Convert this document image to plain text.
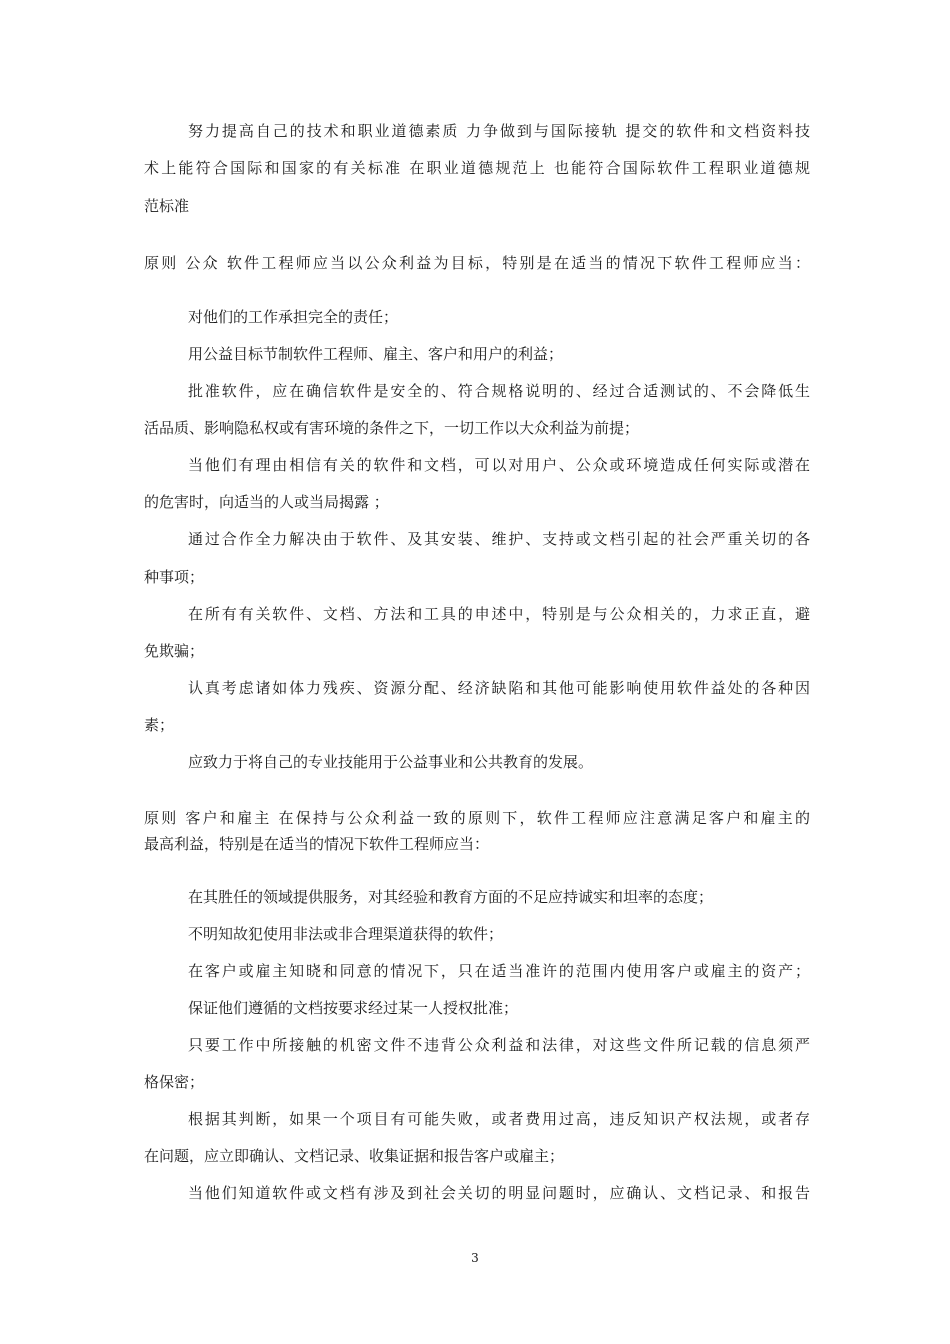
努力提高自己的技术和职业道德素质 力争做到与国际接轨 提交的软件和文档资料技
术上能符合国际和国家的有关标准 在职业道德规范上 也能符合国际软件工程职业道德规
范标准
原则 公众 软件工程师应当以公众利益为目标，特别是在适当的情况下软件工程师应当：
对他们的工作承担完全的责任；
用公益目标节制软件工程师、雇主、客户和用户的利益；
批准软件，应在确信软件是安全的、符合规格说明的、经过合适测试的、不会降低生
活品质、影响隐私权或有害环境的条件之下，一切工作以大众利益为前提；
当他们有理由相信有关的软件和文档，可以对用户、公众或环境造成任何实际或潜在
的危害时，向适当的人或当局揭露 ；
通过合作全力解决由于软件、及其安装、维护、支持或文档引起的社会严重关切的各
种事项；
在所有有关软件、文档、方法和工具的申述中，特别是与公众相关的，力求正直，避
免欺骗；
认真考虑诸如体力残疾、资源分配、经济缺陷和其他可能影响使用软件益处的各种因
素；
应致力于将自己的专业技能用于公益事业和公共教育的发展。
原则 客户和雇主 在保持与公众利益一致的原则下，软件工程师应注意满足客户和雇主的
最高利益，特别是在适当的情况下软件工程师应当：
在其胜任的领域提供服务，对其经验和教育方面的不足应持诚实和坦率的态度；
不明知故犯使用非法或非合理渠道获得的软件；
在客户或雇主知晓和同意的情况下，只在适当准许的范围内使用客户或雇主的资产；
保证他们遵循的文档按要求经过某一人授权批准；
只要工作中所接触的机密文件不违背公众利益和法律，对这些文件所记载的信息须严
格保密；
根据其判断，如果一个项目有可能失败，或者费用过高，违反知识产权法规，或者存
在问题，应立即确认、文档记录、收集证据和报告客户或雇主；
当他们知道软件或文档有涉及到社会关切的明显问题时，应确认、文档记录、和报告
3
